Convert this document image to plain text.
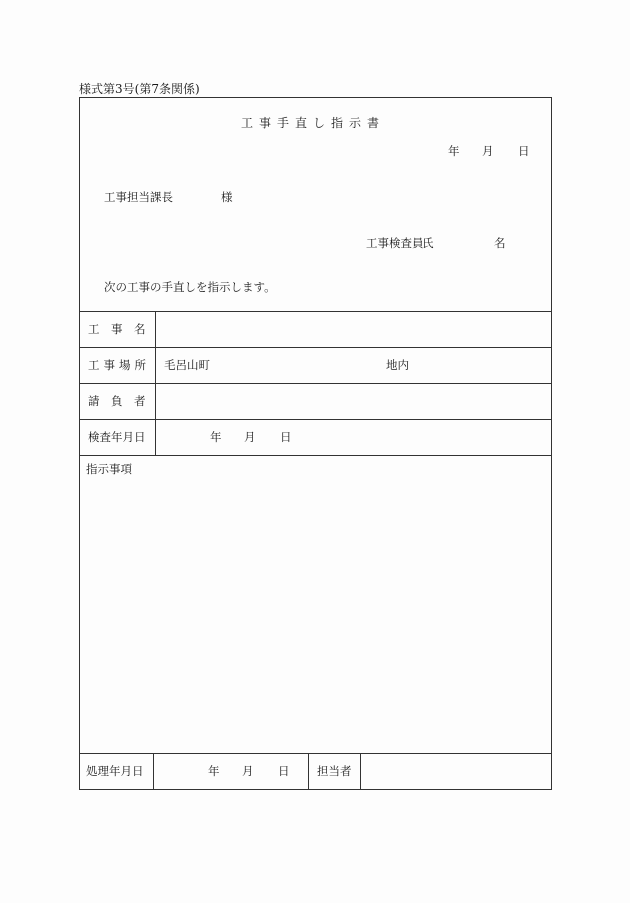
様式第3号(第7条関係)
工事手直し指示書
年 月 日
工事担当課長	様
工事検査員
氏	名
次の工事の手直しを指示します。
工　事　名
工事場所 毛呂山町	地内
請　負　者
検査年月日	年 月 日
指示事項
処理年月日	年 月 日 担当者
